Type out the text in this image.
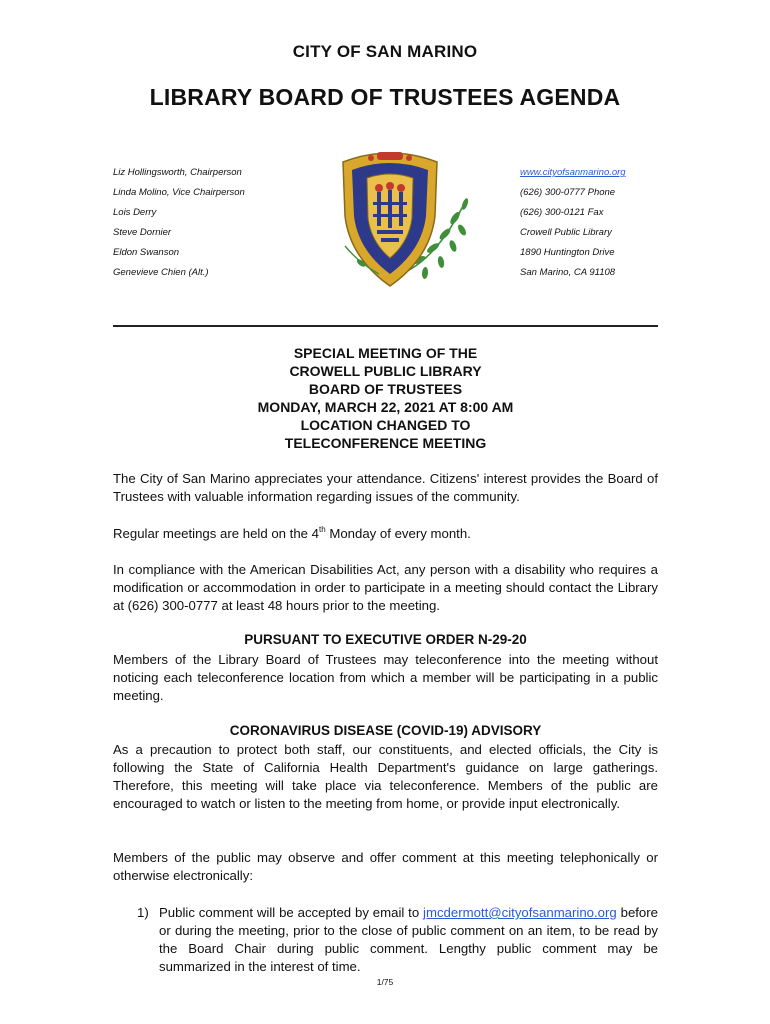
CITY OF SAN MARINO
LIBRARY BOARD OF TRUSTEES AGENDA
Liz Hollingsworth, Chairperson
Linda Molino, Vice Chairperson
Lois Derry
Steve Dornier
Eldon Swanson
Genevieve Chien (Alt.)
www.cityofsanmarino.org
(626) 300-0777 Phone
(626) 300-0121 Fax
Crowell Public Library
1890 Huntington Drive
San Marino, CA 91108
SPECIAL MEETING OF THE
CROWELL PUBLIC LIBRARY
BOARD OF TRUSTEES
MONDAY, MARCH 22, 2021 AT 8:00 AM
LOCATION CHANGED TO
TELECONFERENCE MEETING
The City of San Marino appreciates your attendance. Citizens' interest provides the Board of Trustees with valuable information regarding issues of the community.
Regular meetings are held on the 4th Monday of every month.
In compliance with the American Disabilities Act, any person with a disability who requires a modification or accommodation in order to participate in a meeting should contact the Library at (626) 300-0777 at least 48 hours prior to the meeting.
PURSUANT TO EXECUTIVE ORDER N-29-20
Members of the Library Board of Trustees may teleconference into the meeting without noticing each teleconference location from which a member will be participating in a public meeting.
CORONAVIRUS DISEASE (COVID-19) ADVISORY
As a precaution to protect both staff, our constituents, and elected officials, the City is following the State of California Health Department's guidance on large gatherings. Therefore, this meeting will take place via teleconference. Members of the public are encouraged to watch or listen to the meeting from home, or provide input electronically.
Members of the public may observe and offer comment at this meeting telephonically or otherwise electronically:
1) Public comment will be accepted by email to jmcdermott@cityofsanmarino.org before or during the meeting, prior to the close of public comment on an item, to be read by the Board Chair during public comment. Lengthy public comment may be summarized in the interest of time.
1/75
